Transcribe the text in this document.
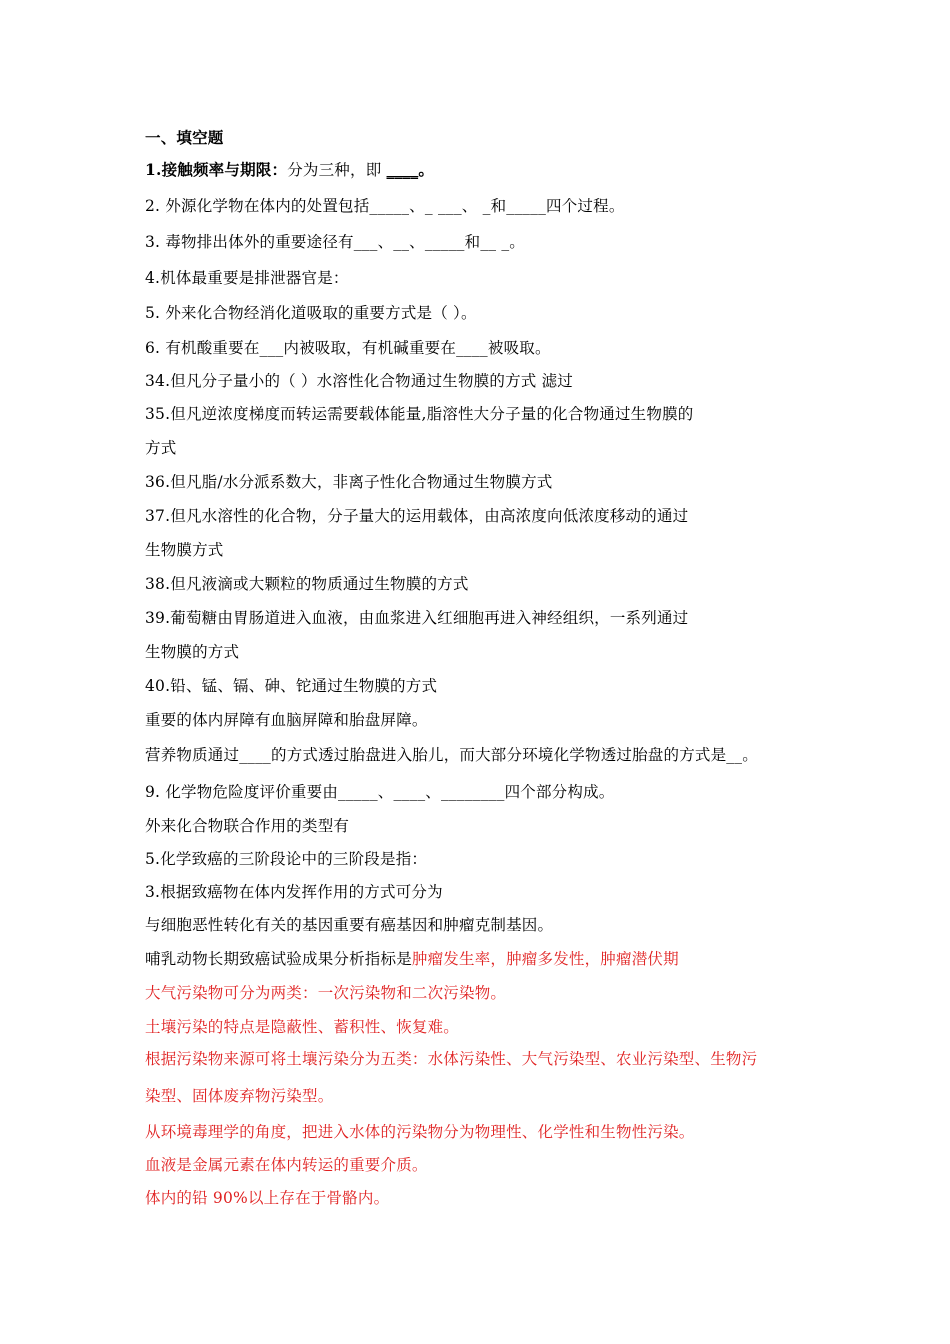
一、填空题
1.接触频率与期限：分为三种，即 ____。
2. 外源化学物在体内的处置包括_____、_ ___、 _和_____四个过程。
3. 毒物排出体外的重要途径有___、__、_____和__ _。
4.机体最重要是排泄器官是：
5. 外来化合物经消化道吸取的重要方式是（ ）。
6. 有机酸重要在___内被吸取，有机碱重要在____被吸取。
34.但凡分子量小的（ ）水溶性化合物通过生物膜的方式 滤过
35.但凡逆浓度梯度而转运需要载体能量,脂溶性大分子量的化合物通过生物膜的
方式
36.但凡脂/水分派系数大，非离子性化合物通过生物膜方式
37.但凡水溶性的化合物，分子量大的运用载体，由高浓度向低浓度移动的通过
生物膜方式
38.但凡液滴或大颗粒的物质通过生物膜的方式
39.葡萄糖由胃肠道进入血液，由血浆进入红细胞再进入神经组织，一系列通过
生物膜的方式
40.铅、锰、镉、砷、铊通过生物膜的方式
重要的体内屏障有血脑屏障和胎盘屏障。
营养物质通过____的方式透过胎盘进入胎儿，而大部分环境化学物透过胎盘的方式是__。
9. 化学物危险度评价重要由_____、____、________四个部分构成。
外来化合物联合作用的类型有
5.化学致癌的三阶段论中的三阶段是指：
3.根据致癌物在体内发挥作用的方式可分为
与细胞恶性转化有关的基因重要有癌基因和肿瘤克制基因。
哺乳动物长期致癌试验成果分析指标是肿瘤发生率，肿瘤多发性，肿瘤潜伏期
大气污染物可分为两类：一次污染物和二次污染物。
土壤污染的特点是隐蔽性、蓄积性、恢复难。
根据污染物来源可将土壤污染分为五类：水体污染性、大气污染型、农业污染型、生物污
染型、固体废弃物污染型。
从环境毒理学的角度，把进入水体的污染物分为物理性、化学性和生物性污染。
血液是金属元素在体内转运的重要介质。
体内的铅 90%以上存在于骨骼内。
